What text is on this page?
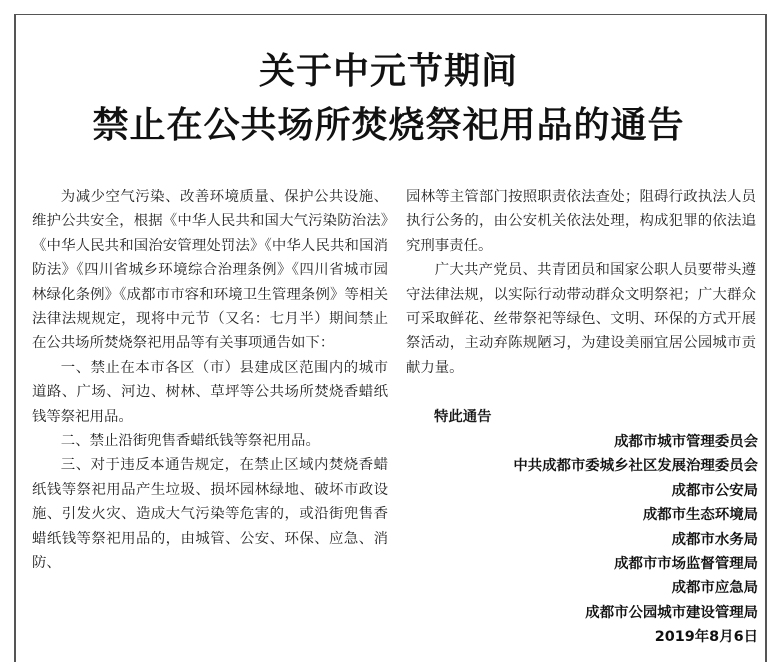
关于中元节期间
禁止在公共场所焚烧祭祀用品的通告

为减少空气污染、改善环境质量、保护公共设施、维护公共安全，根据《中华人民共和国大气污染防治法》《中华人民共和国治安管理处罚法》《中华人民共和国消防法》《四川省城乡环境综合治理条例》《四川省城市园林绿化条例》《成都市市容和环境卫生管理条例》等相关法律法规规定，现将中元节（又名：七月半）期间禁止在公共场所焚烧祭祀用品等有关事项通告如下：

一、禁止在本市各区（市）县建成区范围内的城市道路、广场、河边、树林、草坪等公共场所焚烧香蜡纸钱等祭祀用品。

二、禁止沿街兜售香蜡纸钱等祭祀用品。

三、对于违反本通告规定，在禁止区域内焚烧香蜡纸钱等祭祀用品产生垃圾、损坏园林绿地、破坏市政设施、引发火灾、造成大气污染等危害的，或沿街兜售香蜡纸钱等祭祀用品的，由城管、公安、环保、应急、消防、

园林等主管部门按照职责依法查处；阻碍行政执法人员执行公务的，由公安机关依法处理，构成犯罪的依法追究刑事责任。

广大共产党员、共青团员和国家公职人员要带头遵守法律法规，以实际行动带动群众文明祭祀；广大群众可采取鲜花、丝带祭祀等绿色、文明、环保的方式开展祭活动，主动弃陈规陋习，为建设美丽宜居公园城市贡献力量。

特此通告
成都市城市管理委员会
中共成都市委城乡社区发展治理委员会
成都市公安局
成都市生态环境局
成都市水务局
成都市市场监督管理局
成都市应急局
成都市公园城市建设管理局
2019年8月6日
